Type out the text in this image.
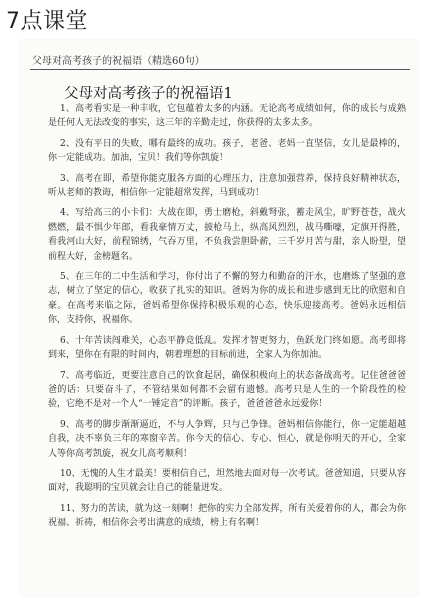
7点课堂
父母对高考孩子的祝福语（精选60句）
父母对高考孩子的祝福语1

1、高考看实是一种丰收，它包蕴着太多的内涵。无论高考成绩如何，你的成长与成熟是任何人无法改变的事实，这三年的辛勤走过，你获得的太多太多。

2、没有平日的失败，哪有最终的成功。孩子，老爸、老妈一直坚信，女儿是最棒的，你一定能成功。加油，宝贝！我们等你凯旋！

3、高考在即，希望你能克服各方面的心理压力，注意加强营养，保持良好精神状态，听从老师的教诲，相信你一定能超常发挥，马到成功！

4、写给高三的小卡们：大战在即，勇士磨枪，斜戴弩张，蓄走风尘，旷野苍苍，战火燃燃，最不惧少年郎，看我豪情万丈，披枪马上，纵高风烈烈，战马嘶嚎，定旗开得胜，看我河山大好，前程锦绣，气吞万里，不负我尝胆卧薪，三千岁月苦与甜，亲人盼望，望前程大好，金榜题名。

5、在三年的二中生活和学习，你付出了不懈的努力和勤奋的汗水，也磨炼了坚强的意志，树立了坚定的信心，收获了扎实的知识。爸妈为你的成长和进步感到无比的欣慰和自豪。在高考来临之际，爸妈希望你保持积极乐观的心态，快乐迎接高考。爸妈永远相信你，支持你，祝福你。

6、十年苦读闯难关，心态平静竞低乱。发挥才智更努力，鱼跃龙门终如愿。高考即将到来，望你在有限的时间内，朝着理想的目标前进，全家人为你加油。

7、高考临近，更要注意自己的饮食起居，确保积极向上的状态备战高考。记住爸爸爸爸的话：只要奋斗了，不管结果如何都不会留有遗憾。高考只是人生的一个阶段性的检验，它绝不是对一个人“一锤定音”的评断。孩子，爸爸爸爸永远爱你！

9、高考的脚步渐渐逼近，不与人争辉，只与己争锋。爸妈相信你能行，你一定能超越自我，决不辜负三年的寒窗辛苦。你今天的信心、专心、恒心，就是你明天的开心，全家人等你高考凯旋，祝女儿高考顺利！

10、无愧的人生才最美！要相信自己，坦然地去面对每一次考试。爸爸知道，只要从容面对，我聪明的宝贝就会让自己的能量迸发。

11、努力的苦读，就为这一刻啊！把你的实力全部发挥，所有关爱着你的人，都会为你祝福、祈祷，相信你会考出满意的成绩，榜上有名啊！
